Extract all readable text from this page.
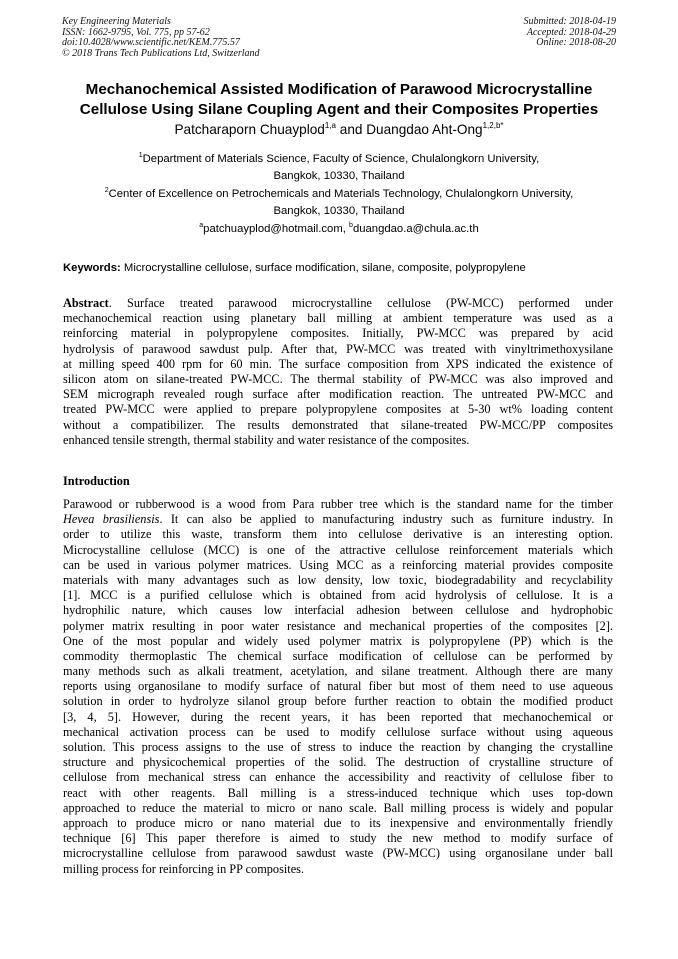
Key Engineering Materials
ISSN: 1662-9795, Vol. 775, pp 57-62
doi:10.4028/www.scientific.net/KEM.775.57
© 2018 Trans Tech Publications Ltd, Switzerland
Submitted: 2018-04-19
Accepted: 2018-04-29
Online: 2018-08-20
Mechanochemical Assisted Modification of Parawood Microcrystalline
Cellulose Using Silane Coupling Agent and their Composites Properties
Patcharaporn Chuayplod$^{1,a}$ and Duangdao Aht-Ong$^{1,2,b*}$
$^1$Department of Materials Science, Faculty of Science, Chulalongkorn University,
Bangkok, 10330, Thailand
$^2$Center of Excellence on Petrochemicals and Materials Technology, Chulalongkorn University,
Bangkok, 10330, Thailand
$^a$patchuayplod@hotmail.com, $^b$duangdao.a@chula.ac.th
Keywords: Microcrystalline cellulose, surface modification, silane, composite, polypropylene
Abstract. Surface treated parawood microcrystalline cellulose (PW-MCC) performed under
mechanochemical reaction using planetary ball milling at ambient temperature was used as a
reinforcing material in polypropylene composites. Initially, PW-MCC was prepared by acid
hydrolysis of parawood sawdust pulp. After that, PW-MCC was treated with vinyltrimethoxysilane
at milling speed 400 rpm for 60 min. The surface composition from XPS indicated the existence of
silicon atom on silane-treated PW-MCC. The thermal stability of PW-MCC was also improved and
SEM micrograph revealed rough surface after modification reaction. The untreated PW-MCC and
treated PW-MCC were applied to prepare polypropylene composites at 5-30 wt% loading content
without a compatibilizer. The results demonstrated that silane-treated PW-MCC/PP composites
enhanced tensile strength, thermal stability and water resistance of the composites.
Introduction
Parawood or rubberwood is a wood from Para rubber tree which is the standard name for the timber
Hevea brasiliensis. It can also be applied to manufacturing industry such as furniture industry. In
order to utilize this waste, transform them into cellulose derivative is an interesting option.
Microcystalline cellulose (MCC) is one of the attractive cellulose reinforcement materials which
can be used in various polymer matrices. Using MCC as a reinforcing material provides composite
materials with many advantages such as low density, low toxic, biodegradability and recyclability
[1]. MCC is a purified cellulose which is obtained from acid hydrolysis of cellulose. It is a
hydrophilic nature, which causes low interfacial adhesion between cellulose and hydrophobic
polymer matrix resulting in poor water resistance and mechanical properties of the composites [2].
One of the most popular and widely used polymer matrix is polypropylene (PP) which is the
commodity thermoplastic The chemical surface modification of cellulose can be performed by
many methods such as alkali treatment, acetylation, and silane treatment. Although there are many
reports using organosilane to modify surface of natural fiber but most of them need to use aqueous
solution in order to hydrolyze silanol group before further reaction to obtain the modified product
[3, 4, 5]. However, during the recent years, it has been reported that mechanochemical or
mechanical activation process can be used to modify cellulose surface without using aqueous
solution. This process assigns to the use of stress to induce the reaction by changing the crystalline
structure and physicochemical properties of the solid. The destruction of crystalline structure of
cellulose from mechanical stress can enhance the accessibility and reactivity of cellulose fiber to
react with other reagents. Ball milling is a stress-induced technique which uses top-down
approached to reduce the material to micro or nano scale. Ball milling process is widely and popular
approach to produce micro or nano material due to its inexpensive and environmentally friendly
technique [6] This paper therefore is aimed to study the new method to modify surface of
microcrystalline cellulose from parawood sawdust waste (PW-MCC) using organosilane under ball
milling process for reinforcing in PP composites.
